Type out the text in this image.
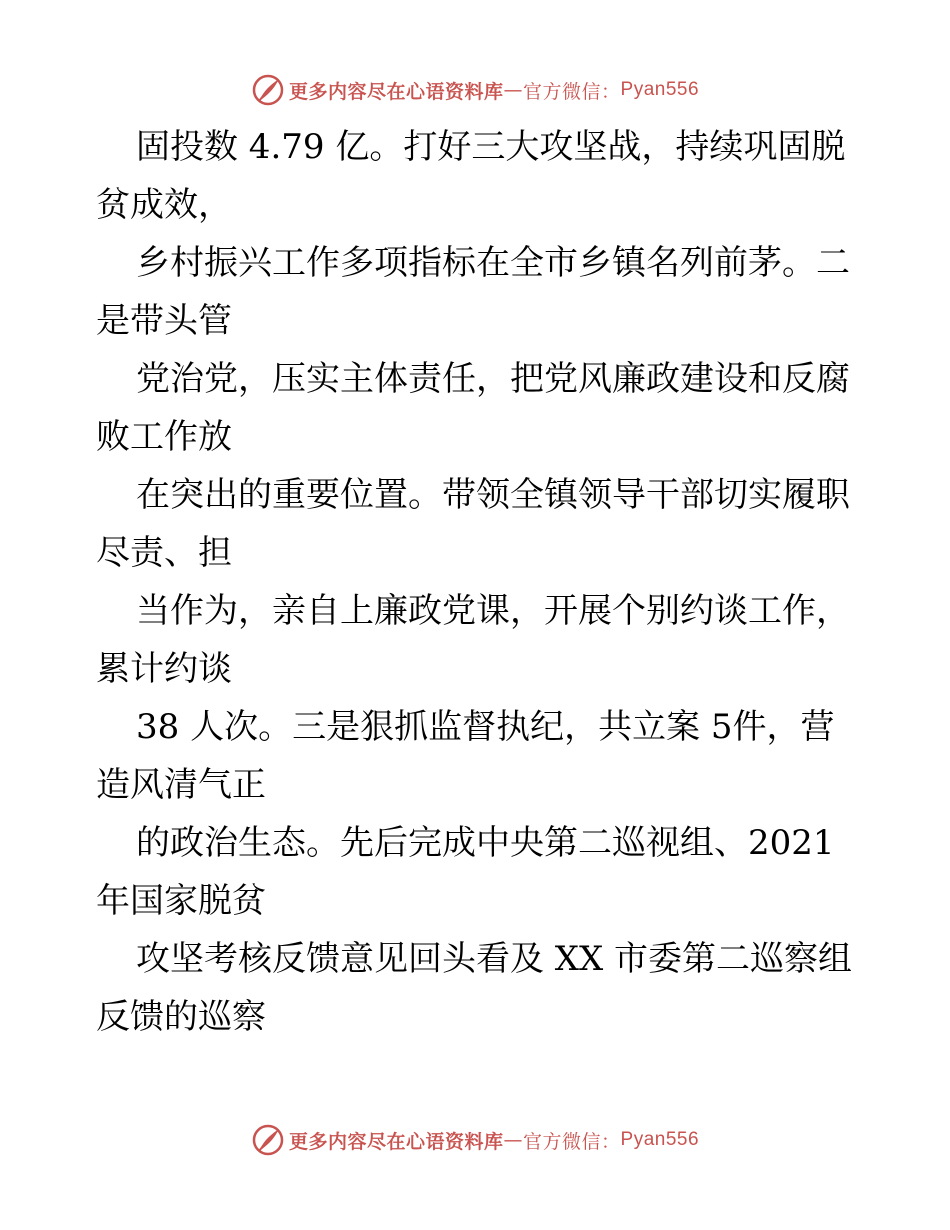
更多内容尽在心语资料库 — 官方微信 ： Pyan556

固投数 4.79 亿。打好三大攻坚战，持续巩固脱
贫成效，

乡村振兴工作多项指标在全市乡镇名列前茅。二
是带头管

党治党，压实主体责任，把党风廉政建设和反腐
败工作放

在突出的重要位置。带领全镇领导干部切实履职
尽责、担

当作为，亲自上廉政党课，开展个别约谈工作，
累计约谈

38 人次。三是狠抓监督执纪，共立案 5件，营
造风清气正

的政治生态。先后完成中央第二巡视组、2021
年国家脱贫

攻坚考核反馈意见回头看及 XX 市委第二巡察组
反馈的巡察

更多内容尽在心语资料库 — 官方微信 ： Pyan556
